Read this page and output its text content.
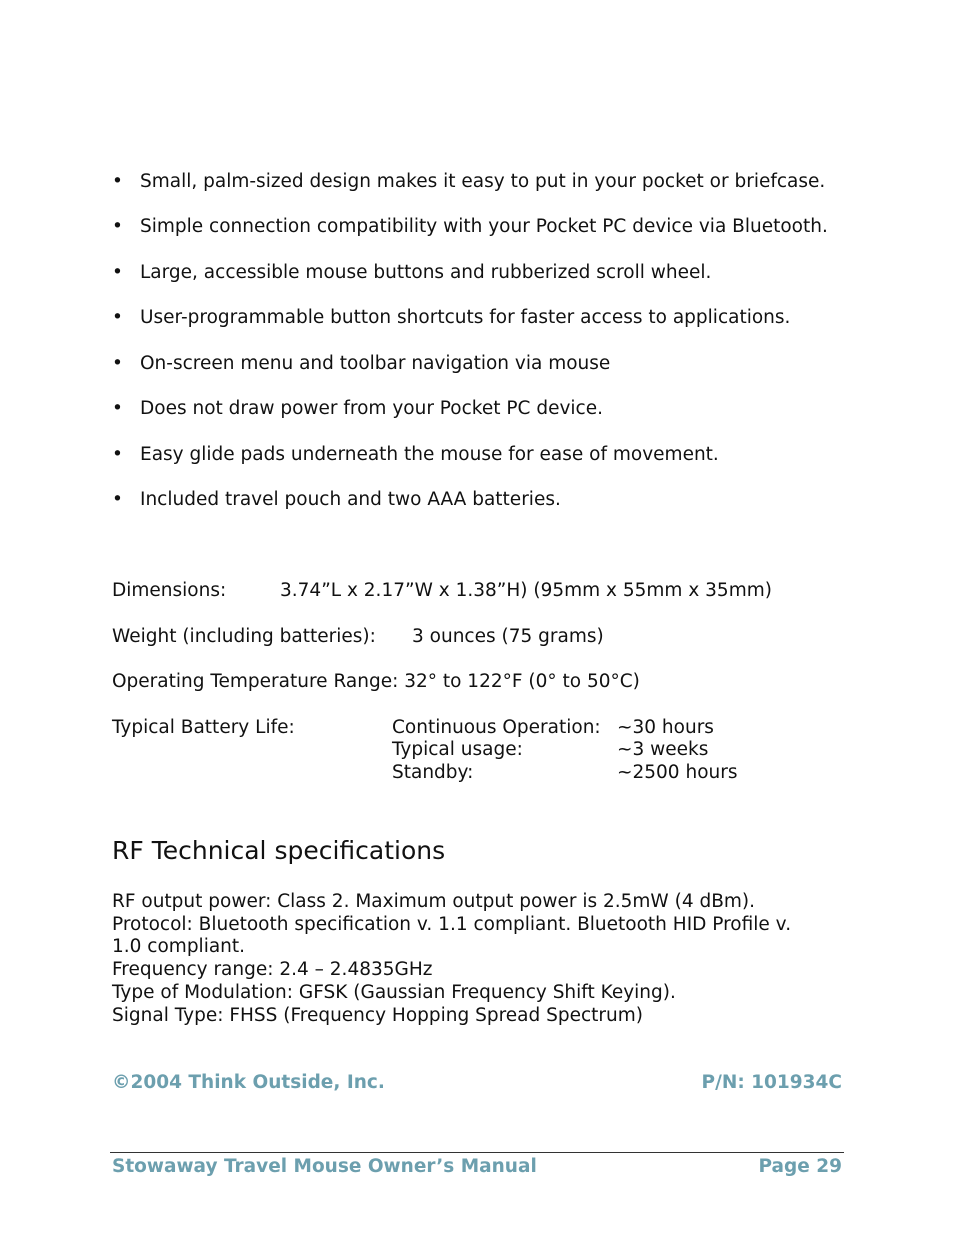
• Small, palm-sized design makes it easy to put in your pocket or briefcase.
• Simple connection compatibility with your Pocket PC device via Bluetooth.
• Large, accessible mouse buttons and rubberized scroll wheel.
• User-programmable button shortcuts for faster access to applications.
• On-screen menu and toolbar navigation via mouse
• Does not draw power from your Pocket PC device.
• Easy glide pads underneath the mouse for ease of movement.
• Included travel pouch and two AAA batteries.
Dimensions:	3.74”L x 2.17”W x 1.38”H) (95mm x 55mm x 35mm)
Weight (including batteries): 3 ounces (75 grams)
Operating Temperature Range: 32° to 122°F (0° to 50°C)
Typical Battery Life:	Continuous Operation: ~30 hours
Typical usage:	~3 weeks
Standby:	~2500 hours
RF Technical specifications
RF output power: Class 2. Maximum output power is 2.5mW (4 dBm).
Protocol: Bluetooth specification v. 1.1 compliant. Bluetooth HID Profile v.
1.0 compliant.
Frequency range: 2.4 – 2.4835GHz
Type of Modulation: GFSK (Gaussian Frequency Shift Keying).
Signal Type: FHSS (Frequency Hopping Spread Spectrum)
©2004 Think Outside, Inc.	P/N: 101934C
Stowaway Travel Mouse Owner’s Manual	Page 29
